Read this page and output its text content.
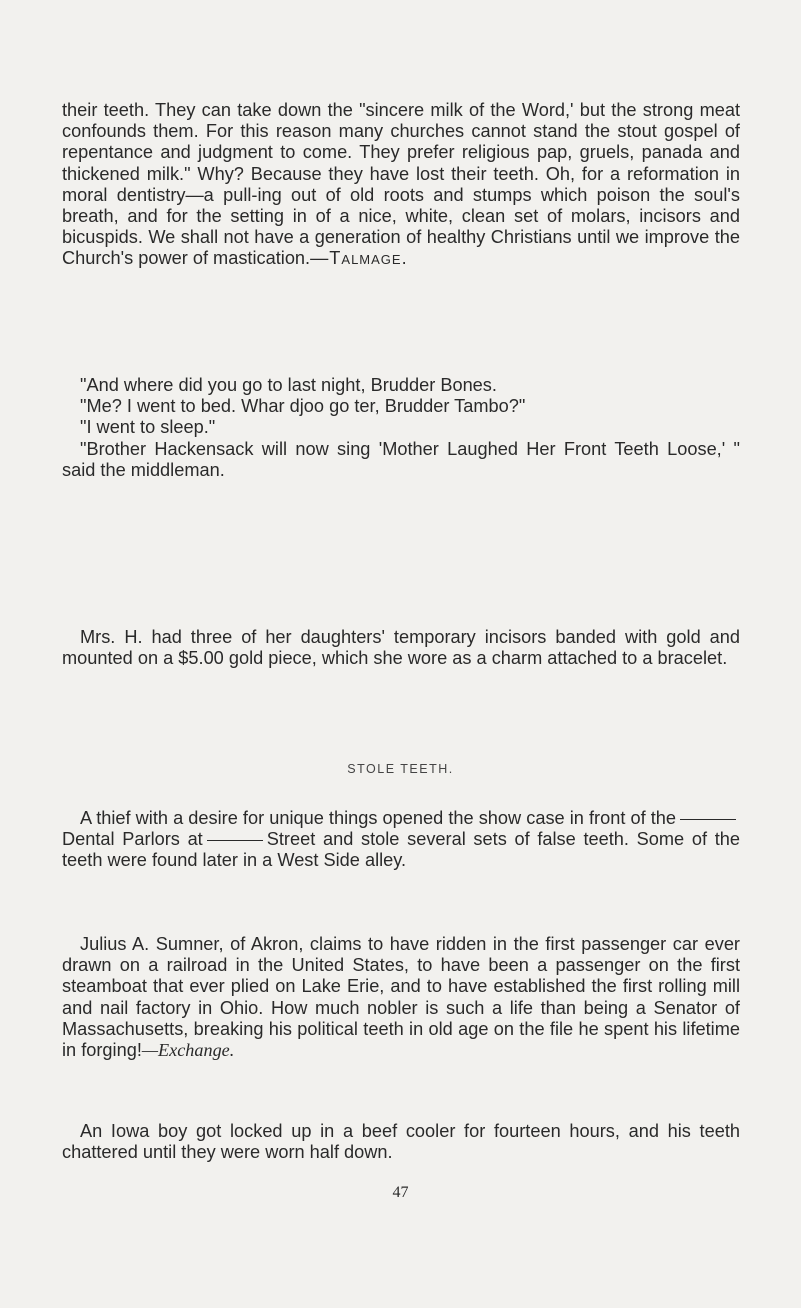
their teeth. They can take down the "sincere milk of the Word,' but the strong meat confounds them. For this reason many churches cannot stand the stout gospel of repentance and judgment to come. They prefer religious pap, gruels, panada and thickened milk." Why? Because they have lost their teeth. Oh, for a reformation in moral dentistry—a pull-ing out of old roots and stumps which poison the soul's breath, and for the setting in of a nice, white, clean set of molars, incisors and bicuspids. We shall not have a generation of healthy Christians until we improve the Church's power of mastication.—Talmage.

"And where did you go to last night, Brudder Bones.

"Me? I went to bed. Whar djoo go ter, Brudder Tambo?"

"I went to sleep."

"Brother Hackensack will now sing 'Mother Laughed Her Front Teeth Loose,' " said the middleman.

Mrs. H. had three of her daughters' temporary incisors banded with gold and mounted on a $5.00 gold piece, which she wore as a charm attached to a bracelet.

STOLE TEETH.

A thief with a desire for unique things opened the show case in front of theDental Parlors at	Street and stole several sets of false teeth. Some of the teeth were found later in a West Side alley.

Julius A. Sumner, of Akron, claims to have ridden in the first passenger car ever drawn on a railroad in the United States, to have been a passenger on the first steamboat that ever plied on Lake Erie, and to have established the first rolling mill and nail factory in Ohio. How much nobler is such a life than being a Senator of Massachusetts, breaking his political teeth in old age on the file he spent his lifetime in forging!—Exchange.

An Iowa boy got locked up in a beef cooler for fourteen hours, and his teeth chattered until they were worn half down.

47
